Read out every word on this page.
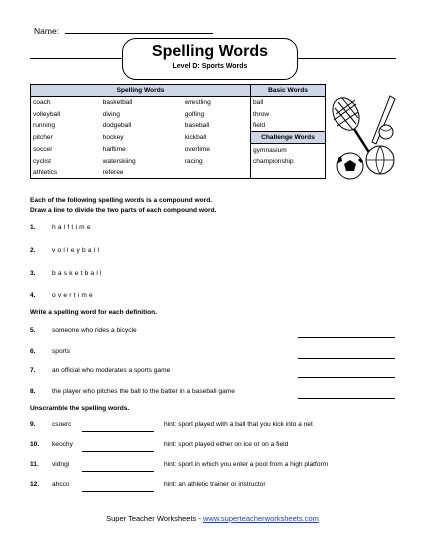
Name:
Spelling Words
Level D: Sports Words
Spelling Words			Basic Words
coach	basketball	wrestling	ball
volleyball	diving	golfing	throw
running	dodgeball	baseball	field
pitcher	hockey	kickball	Challenge Words
soccer	halftime	overtime	gymnasium
cyclist	waterskiing	racing	championship
athletics	referee		
Each of the following spelling words is a compound word.
Draw a line to divide the two parts of each compound word.
1.	halftime
2.	volleyball
3.	basketball
4.	overtime
Write a spelling word for each definition.
5.	someone who rides a bicycle
6.	sports
7.	an official who moderates a sports game
8.	the player who pitches the ball to the batter in a baseball game
Unscramble the spelling words.
9.	csoerc	hint: sport played with a ball that you kick into a net
10. keochy	hint: sport played either on ice or on a field
11. vidngi	hint: sport in which you enter a pool from a high platform
12. ahcco	hint: an athletic trainer or instructor
Super Teacher Worksheets - www.superteacherworksheets.com
